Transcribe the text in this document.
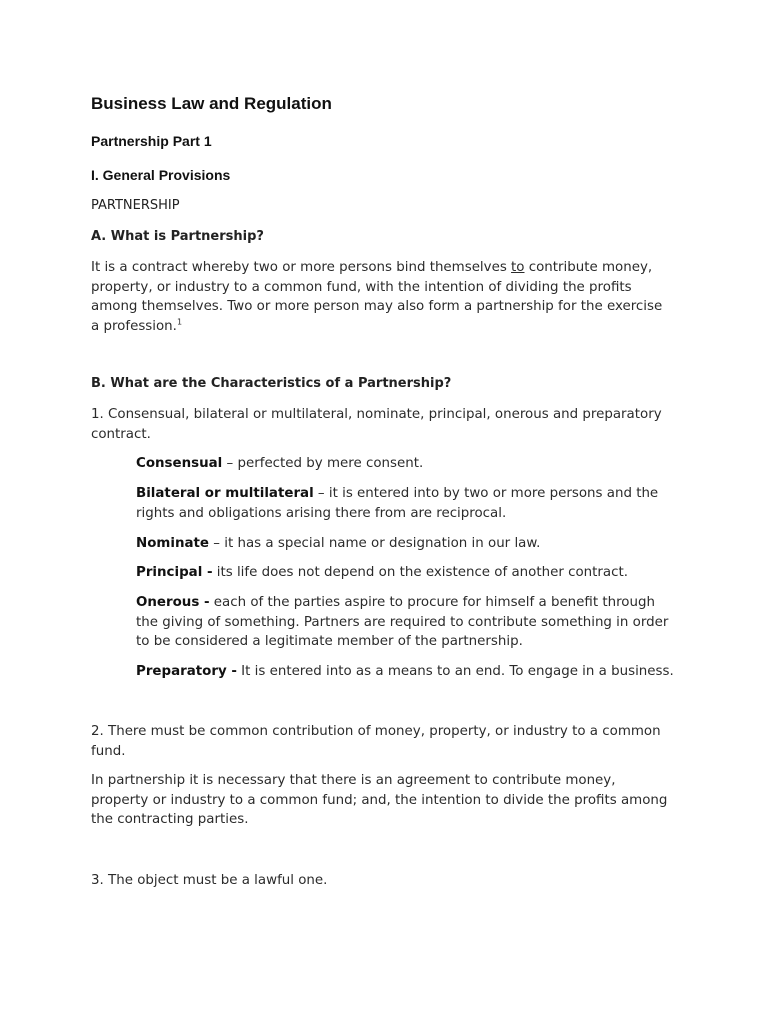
Business Law and Regulation
Partnership Part 1
I. General Provisions
PARTNERSHIP
A. What is Partnership?
It is a contract whereby two or more persons bind themselves to contribute money,
property, or industry to a common fund, with the intention of dividing the profits
among themselves. Two or more person may also form a partnership for the exercise
a profession.$^1$
B. What are the Characteristics of a Partnership?
1. Consensual, bilateral or multilateral, nominate, principal, onerous and preparatory
contract.
Consensual – perfected by mere consent.
Bilateral or multilateral – it is entered into by two or more persons and the
rights and obligations arising there from are reciprocal.
Nominate – it has a special name or designation in our law.
Principal - its life does not depend on the existence of another contract.
Onerous - each of the parties aspire to procure for himself a benefit through
the giving of something. Partners are required to contribute something in order
to be considered a legitimate member of the partnership.
Preparatory - It is entered into as a means to an end. To engage in a business.
2. There must be common contribution of money, property, or industry to a common
fund.
In partnership it is necessary that there is an agreement to contribute money,
property or industry to a common fund; and, the intention to divide the profits among
the contracting parties.
3. The object must be a lawful one.
